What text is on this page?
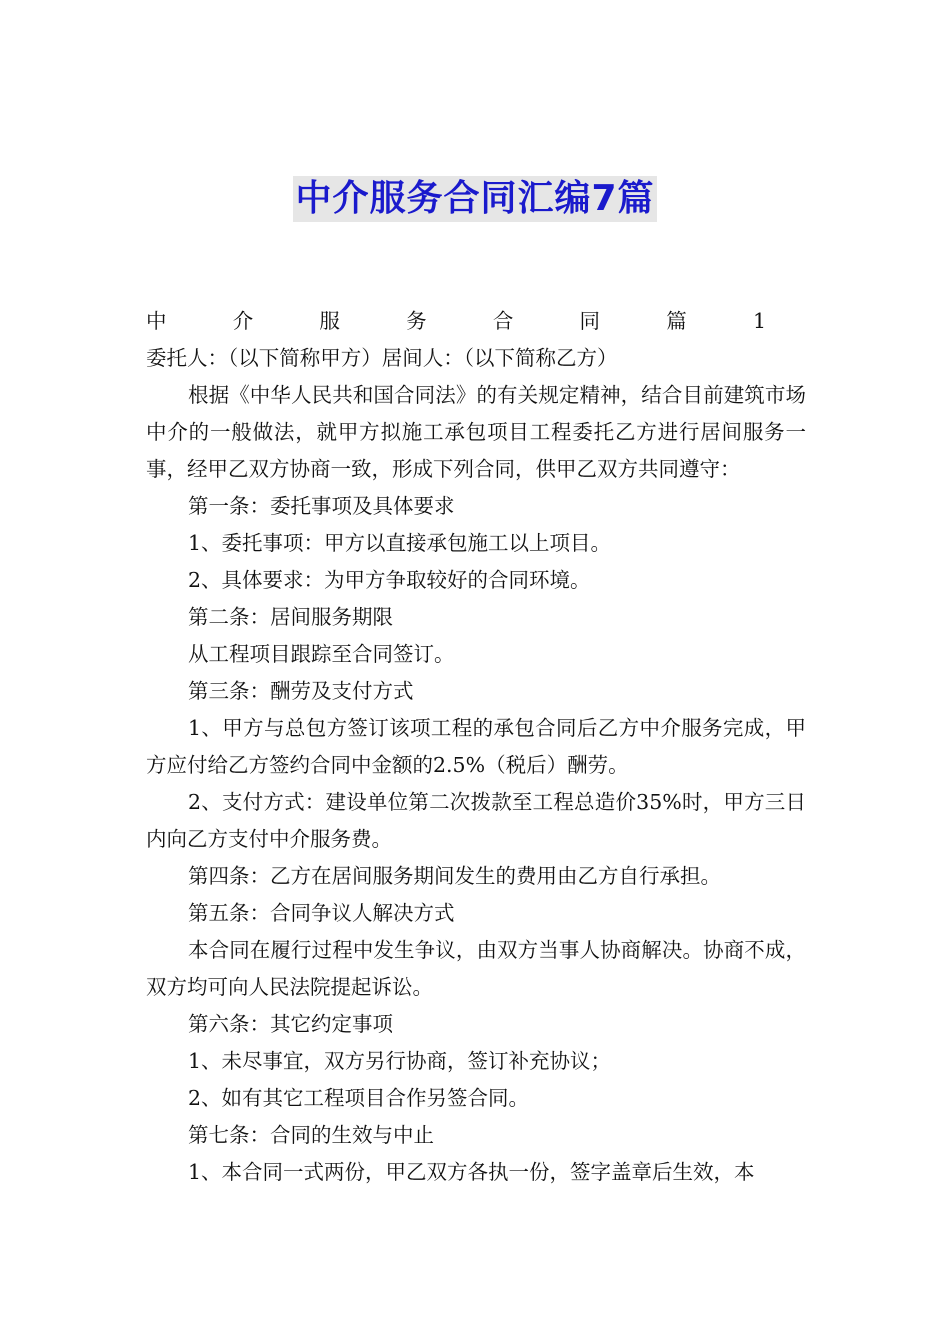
中介服务合同汇编7篇

中介服务合同篇1委托人：（以下简称甲方）居间人：（以下简称乙方）

根据《中华人民共和国合同法》的有关规定精神，结合目前建筑市场中介的一般做法，就甲方拟施工承包项目工程委托乙方进行居间服务一事，经甲乙双方协商一致，形成下列合同，供甲乙双方共同遵守：

第一条：委托事项及具体要求

1、委托事项：甲方以直接承包施工以上项目。

2、具体要求：为甲方争取较好的合同环境。

第二条：居间服务期限

从工程项目跟踪至合同签订。

第三条：酬劳及支付方式

1、甲方与总包方签订该项工程的承包合同后乙方中介服务完成，甲方应付给乙方签约合同中金额的2.5%（税后）酬劳。

2、支付方式：建设单位第二次拨款至工程总造价35%时，甲方三日内向乙方支付中介服务费。

第四条：乙方在居间服务期间发生的费用由乙方自行承担。

第五条：合同争议人解决方式

本合同在履行过程中发生争议，由双方当事人协商解决。协商不成，双方均可向人民法院提起诉讼。

第六条：其它约定事项

1、未尽事宜，双方另行协商，签订补充协议；

2、如有其它工程项目合作另签合同。

第七条：合同的生效与中止

1、本合同一式两份，甲乙双方各执一份，签字盖章后生效，本
